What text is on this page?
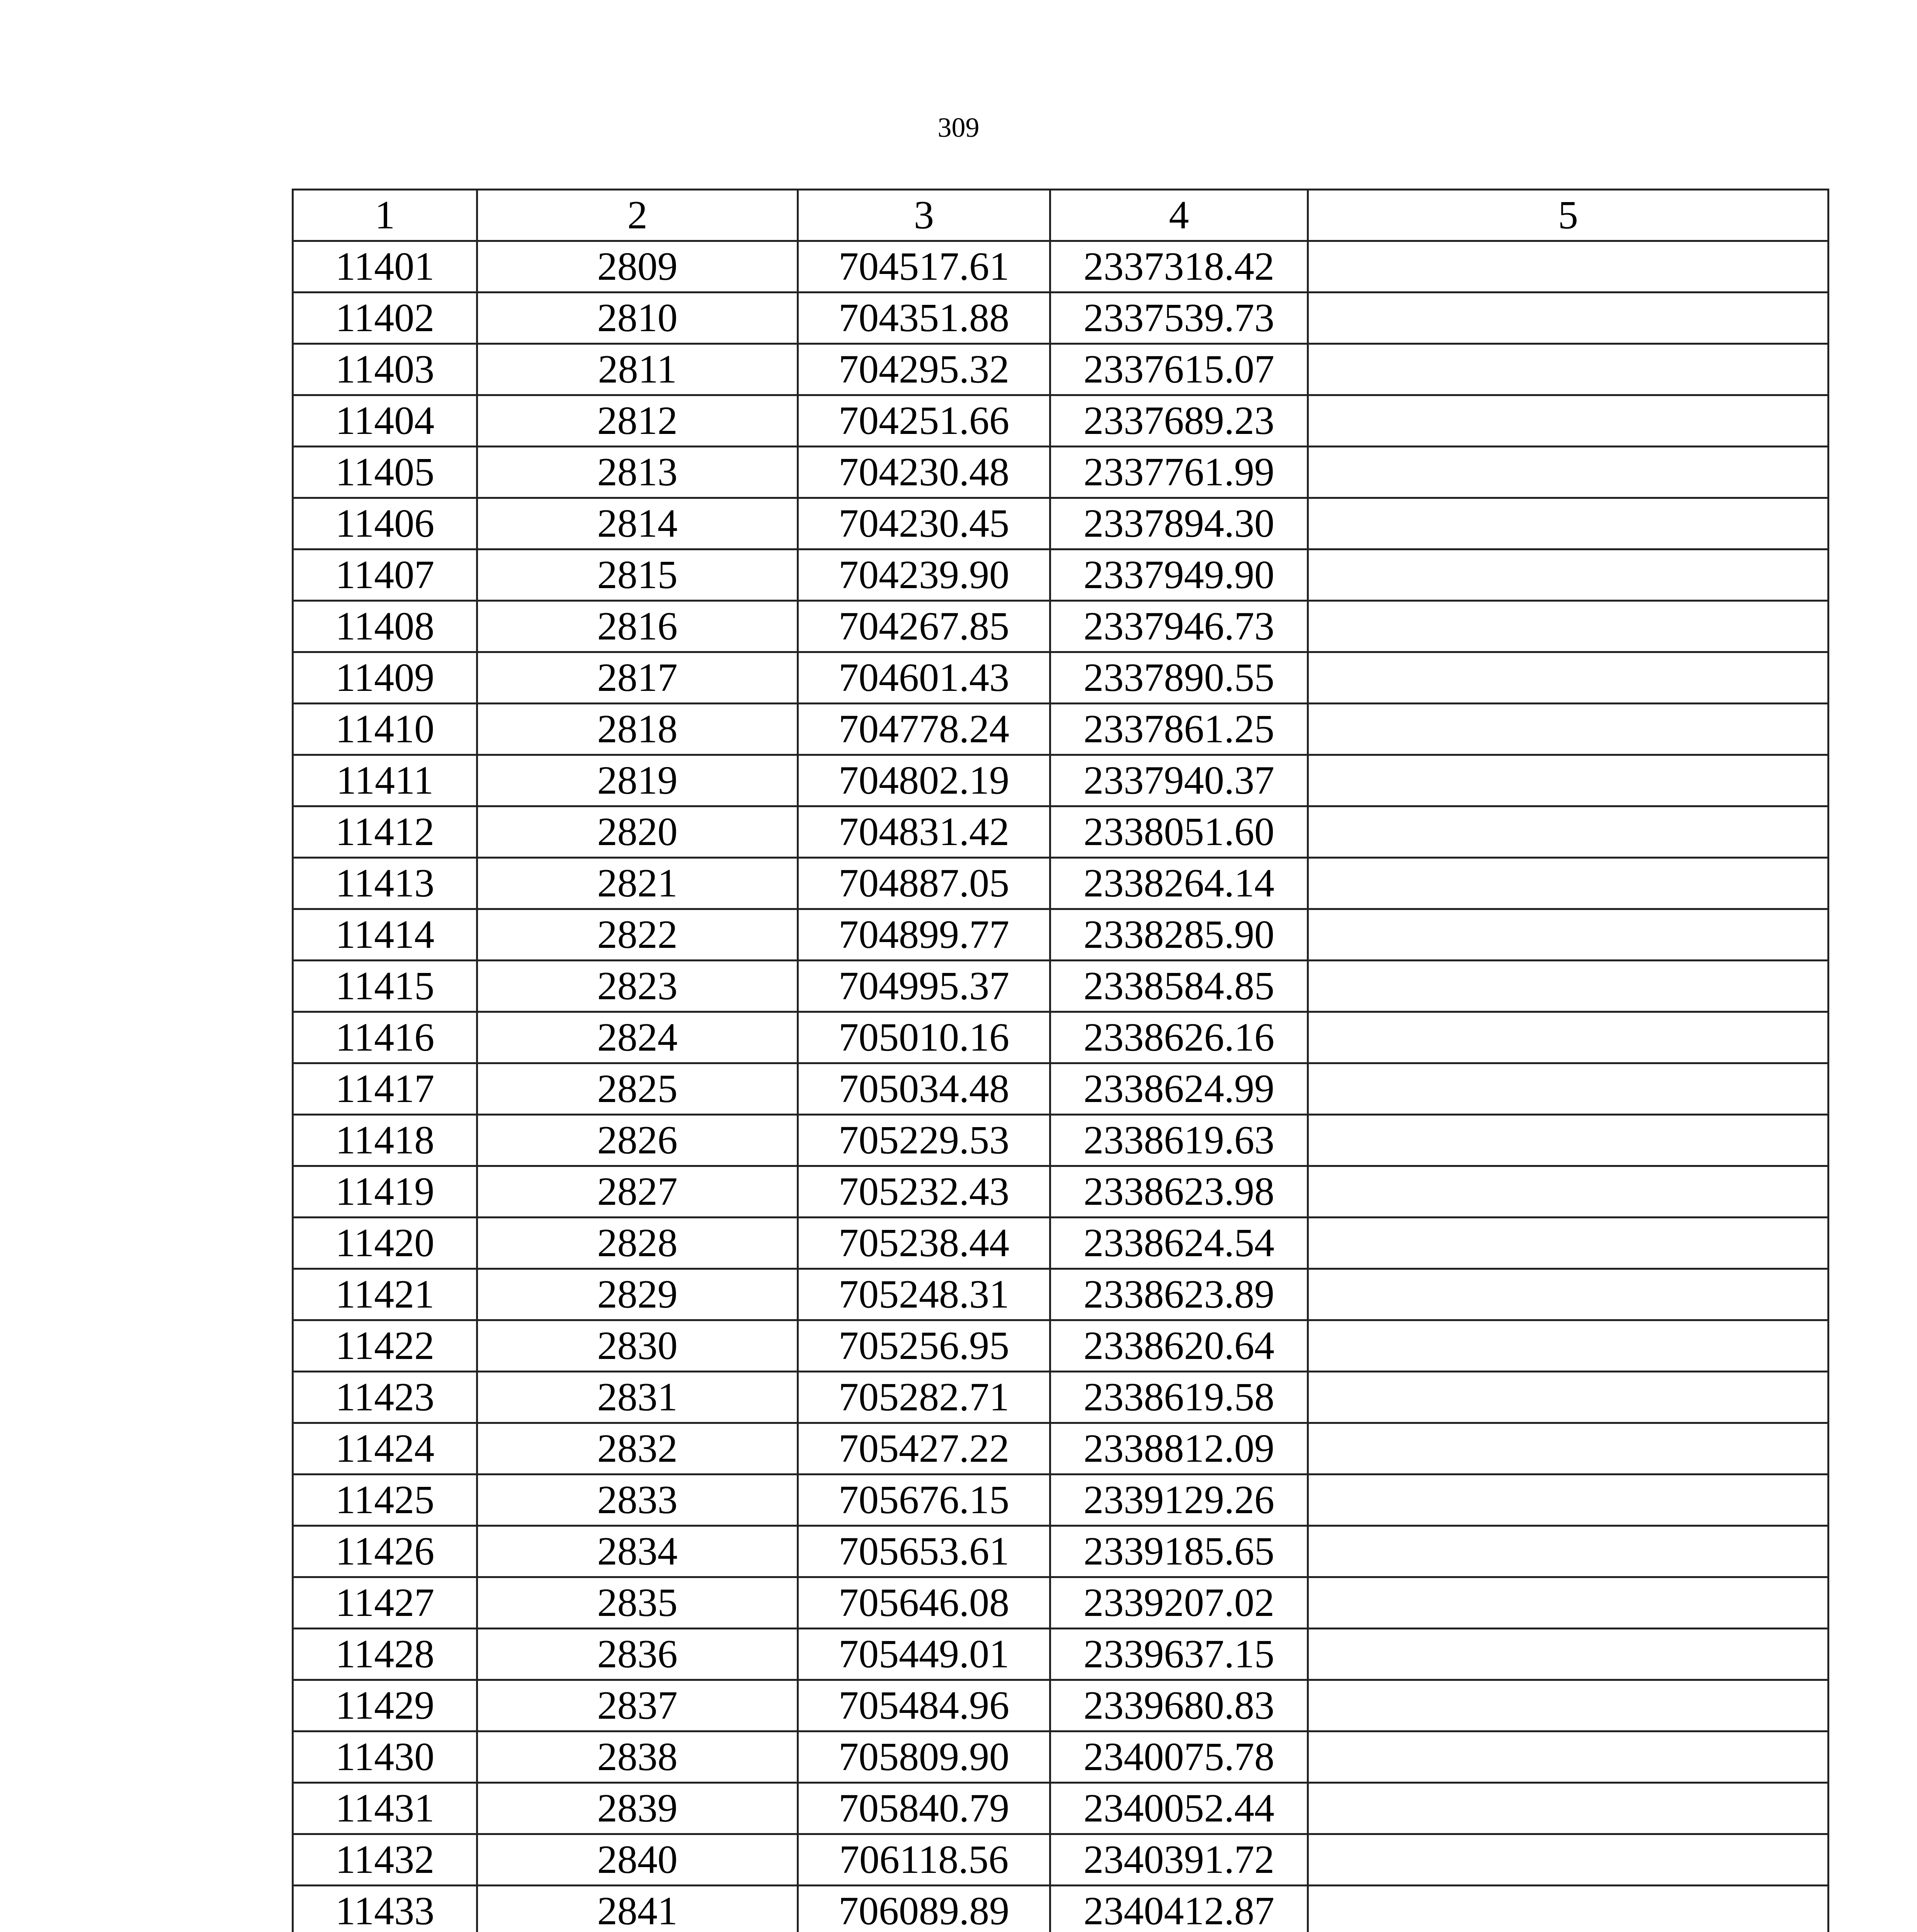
309
1	2	3	4	5
11401	2809	704517.61	2337318.42	
11402	2810	704351.88	2337539.73	
11403	2811	704295.32	2337615.07	
11404	2812	704251.66	2337689.23	
11405	2813	704230.48	2337761.99	
11406	2814	704230.45	2337894.30	
11407	2815	704239.90	2337949.90	
11408	2816	704267.85	2337946.73	
11409	2817	704601.43	2337890.55	
11410	2818	704778.24	2337861.25	
11411	2819	704802.19	2337940.37	
11412	2820	704831.42	2338051.60	
11413	2821	704887.05	2338264.14	
11414	2822	704899.77	2338285.90	
11415	2823	704995.37	2338584.85	
11416	2824	705010.16	2338626.16	
11417	2825	705034.48	2338624.99	
11418	2826	705229.53	2338619.63	
11419	2827	705232.43	2338623.98	
11420	2828	705238.44	2338624.54	
11421	2829	705248.31	2338623.89	
11422	2830	705256.95	2338620.64	
11423	2831	705282.71	2338619.58	
11424	2832	705427.22	2338812.09	
11425	2833	705676.15	2339129.26	
11426	2834	705653.61	2339185.65	
11427	2835	705646.08	2339207.02	
11428	2836	705449.01	2339637.15	
11429	2837	705484.96	2339680.83	
11430	2838	705809.90	2340075.78	
11431	2839	705840.79	2340052.44	
11432	2840	706118.56	2340391.72	
11433	2841	706089.89	2340412.87	
